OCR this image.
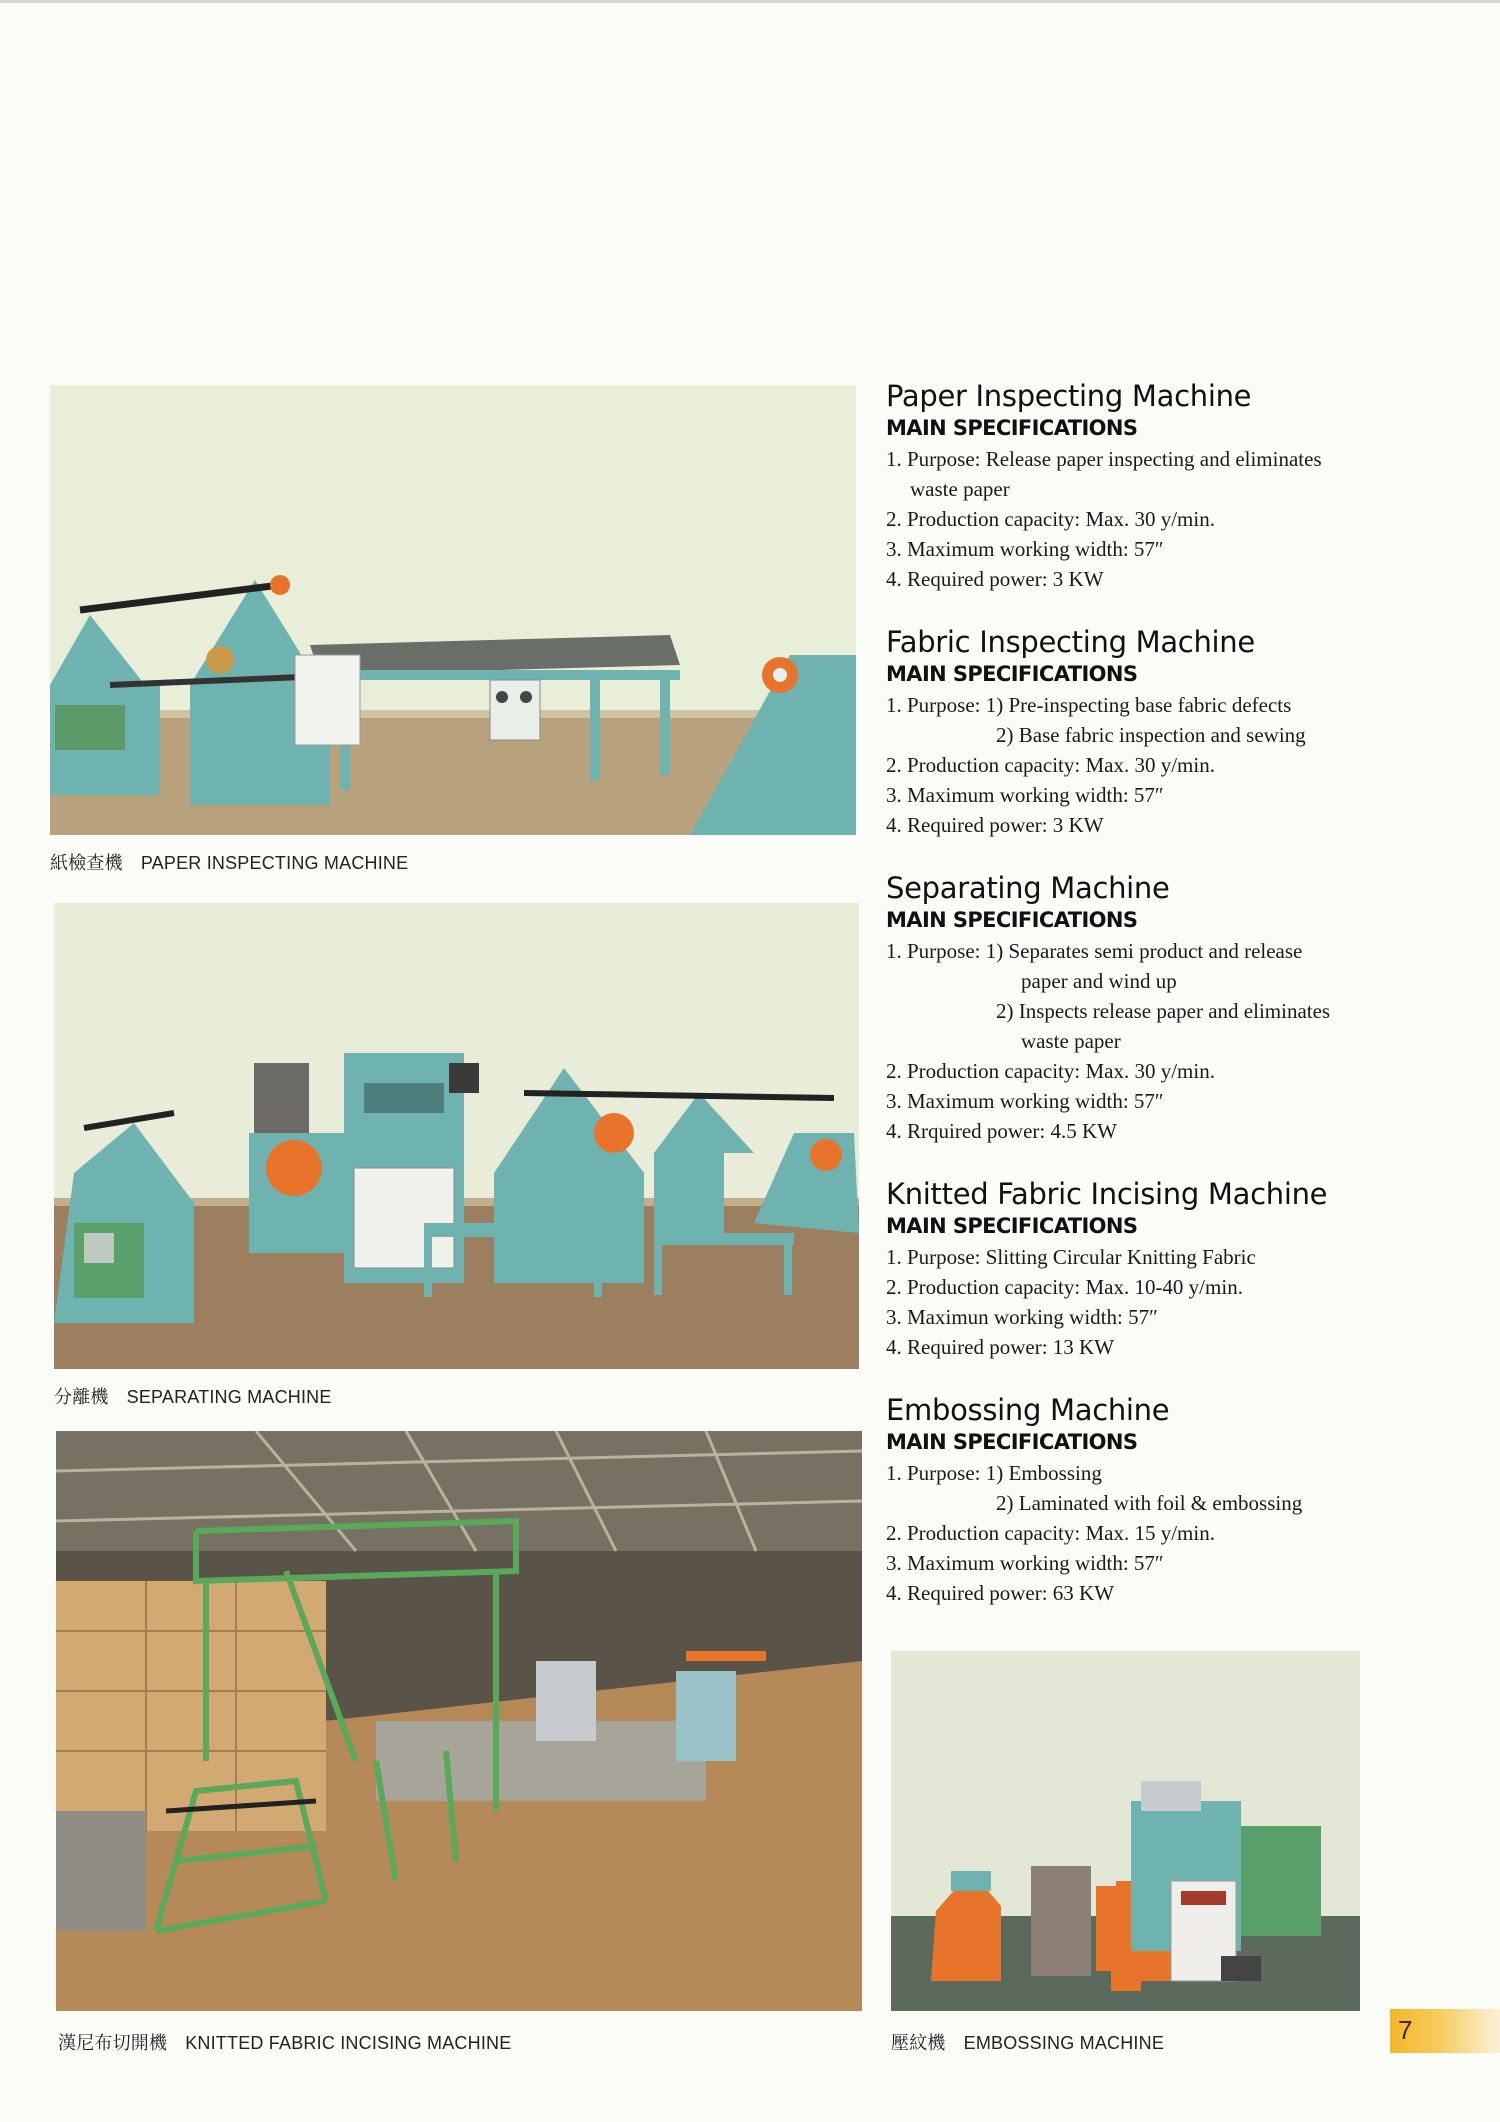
紙檢查機 PAPER INSPECTING MACHINE
分離機 SEPARATING MACHINE
漢尼布切開機 KNITTED FABRIC INCISING MACHINE	壓紋機 EMBOSSING MACHINE
Paper Inspecting Machine
MAIN SPECIFICATIONS
1. Purpose: Release paper inspecting and eliminates
waste paper
2. Production capacity: Max. 30 y/min.
3. Maximum working width: 57″
4. Required power: 3 KW
Fabric Inspecting Machine
MAIN SPECIFICATIONS
1. Purpose: 1) Pre-inspecting base fabric defects
2) Base fabric inspection and sewing
2. Production capacity: Max. 30 y/min.
3. Maximum working width: 57″
4. Required power: 3 KW
Separating Machine
MAIN SPECIFICATIONS
1. Purpose: 1) Separates semi product and release
paper and wind up
2) Inspects release paper and eliminates
waste paper
2. Production capacity: Max. 30 y/min.
3. Maximum working width: 57″
4. Rrquired power: 4.5 KW
Knitted Fabric Incising Machine
MAIN SPECIFICATIONS
1. Purpose: Slitting Circular Knitting Fabric
2. Production capacity: Max. 10-40 y/min.
3. Maximun working width: 57″
4. Required power: 13 KW
Embossing Machine
MAIN SPECIFICATIONS
1. Purpose: 1) Embossing
2) Laminated with foil & embossing
2. Production capacity: Max. 15 y/min.
3. Maximum working width: 57″
4. Required power: 63 KW
7
